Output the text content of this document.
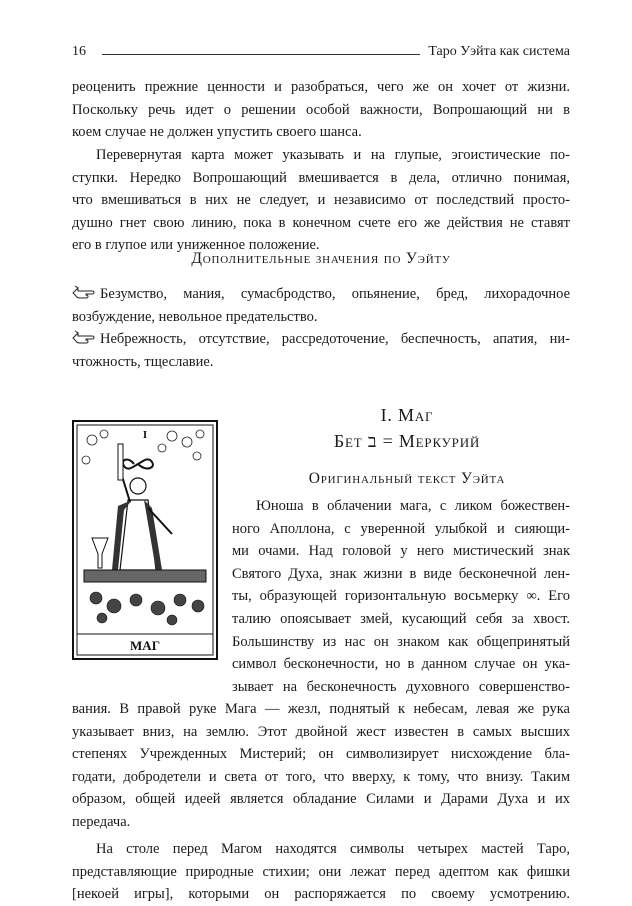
16	Таро Уэйта как система
реоценить прежние ценности и разобраться, чего же он хочет от жизни.
Поскольку речь идет о решении особой важности, Вопрошающий ни в
коем случае не должен упустить своего шанса.
Перевернутая карта может указывать и на глупые, эгоистические по-
ступки. Нередко Вопрошающий вмешивается в дела, отлично понимая,
что вмешиваться в них не следует, и независимо от последствий просто-
душно гнет свою линию, пока в конечном счете его же действия не ставят
его в глупое или униженное положение.
Дополнительные значения по Уэйту
Безумство, мания, сумасбродство, опьянение, бред, лихорадочное
возбуждение, невольное предательство.
Небрежность, отсутствие, рассредоточение, беспечность, апатия, ни-
чтожность, тщеславие.
I
МАГ
I. Маг
Бет ב = Меркурий
Оригинальный текст Уэйта
Юноша в облачении мага, с ликом божествен-
ного Аполлона, с уверенной улыбкой и сияющи-
ми очами. Над головой у него мистический знак
Святого Духа, знак жизни в виде бесконечной лен-
ты, образующей горизонтальную восьмерку ∞. Его
талию опоясывает змей, кусающий себя за хвост.
Большинству из нас он знаком как общепринятый
символ бесконечности, но в данном случае он ука-
зывает на бесконечность духовного совершенство-
вания. В правой руке Мага — жезл, поднятый к небесам, левая же рука
указывает вниз, на землю. Этот двойной жест известен в самых высших
степенях Учрежденных Мистерий; он символизирует нисхождение бла-
годати, добродетели и света от того, что вверху, к тому, что внизу. Таким
образом, общей идеей является обладание Силами и Дарами Духа и их
передача.
На столе перед Магом находятся символы четырех мастей Таро,
представляющие природные стихии; они лежат перед адептом как фишки
[некоей игры], которыми он распоряжается по своему усмотрению.
